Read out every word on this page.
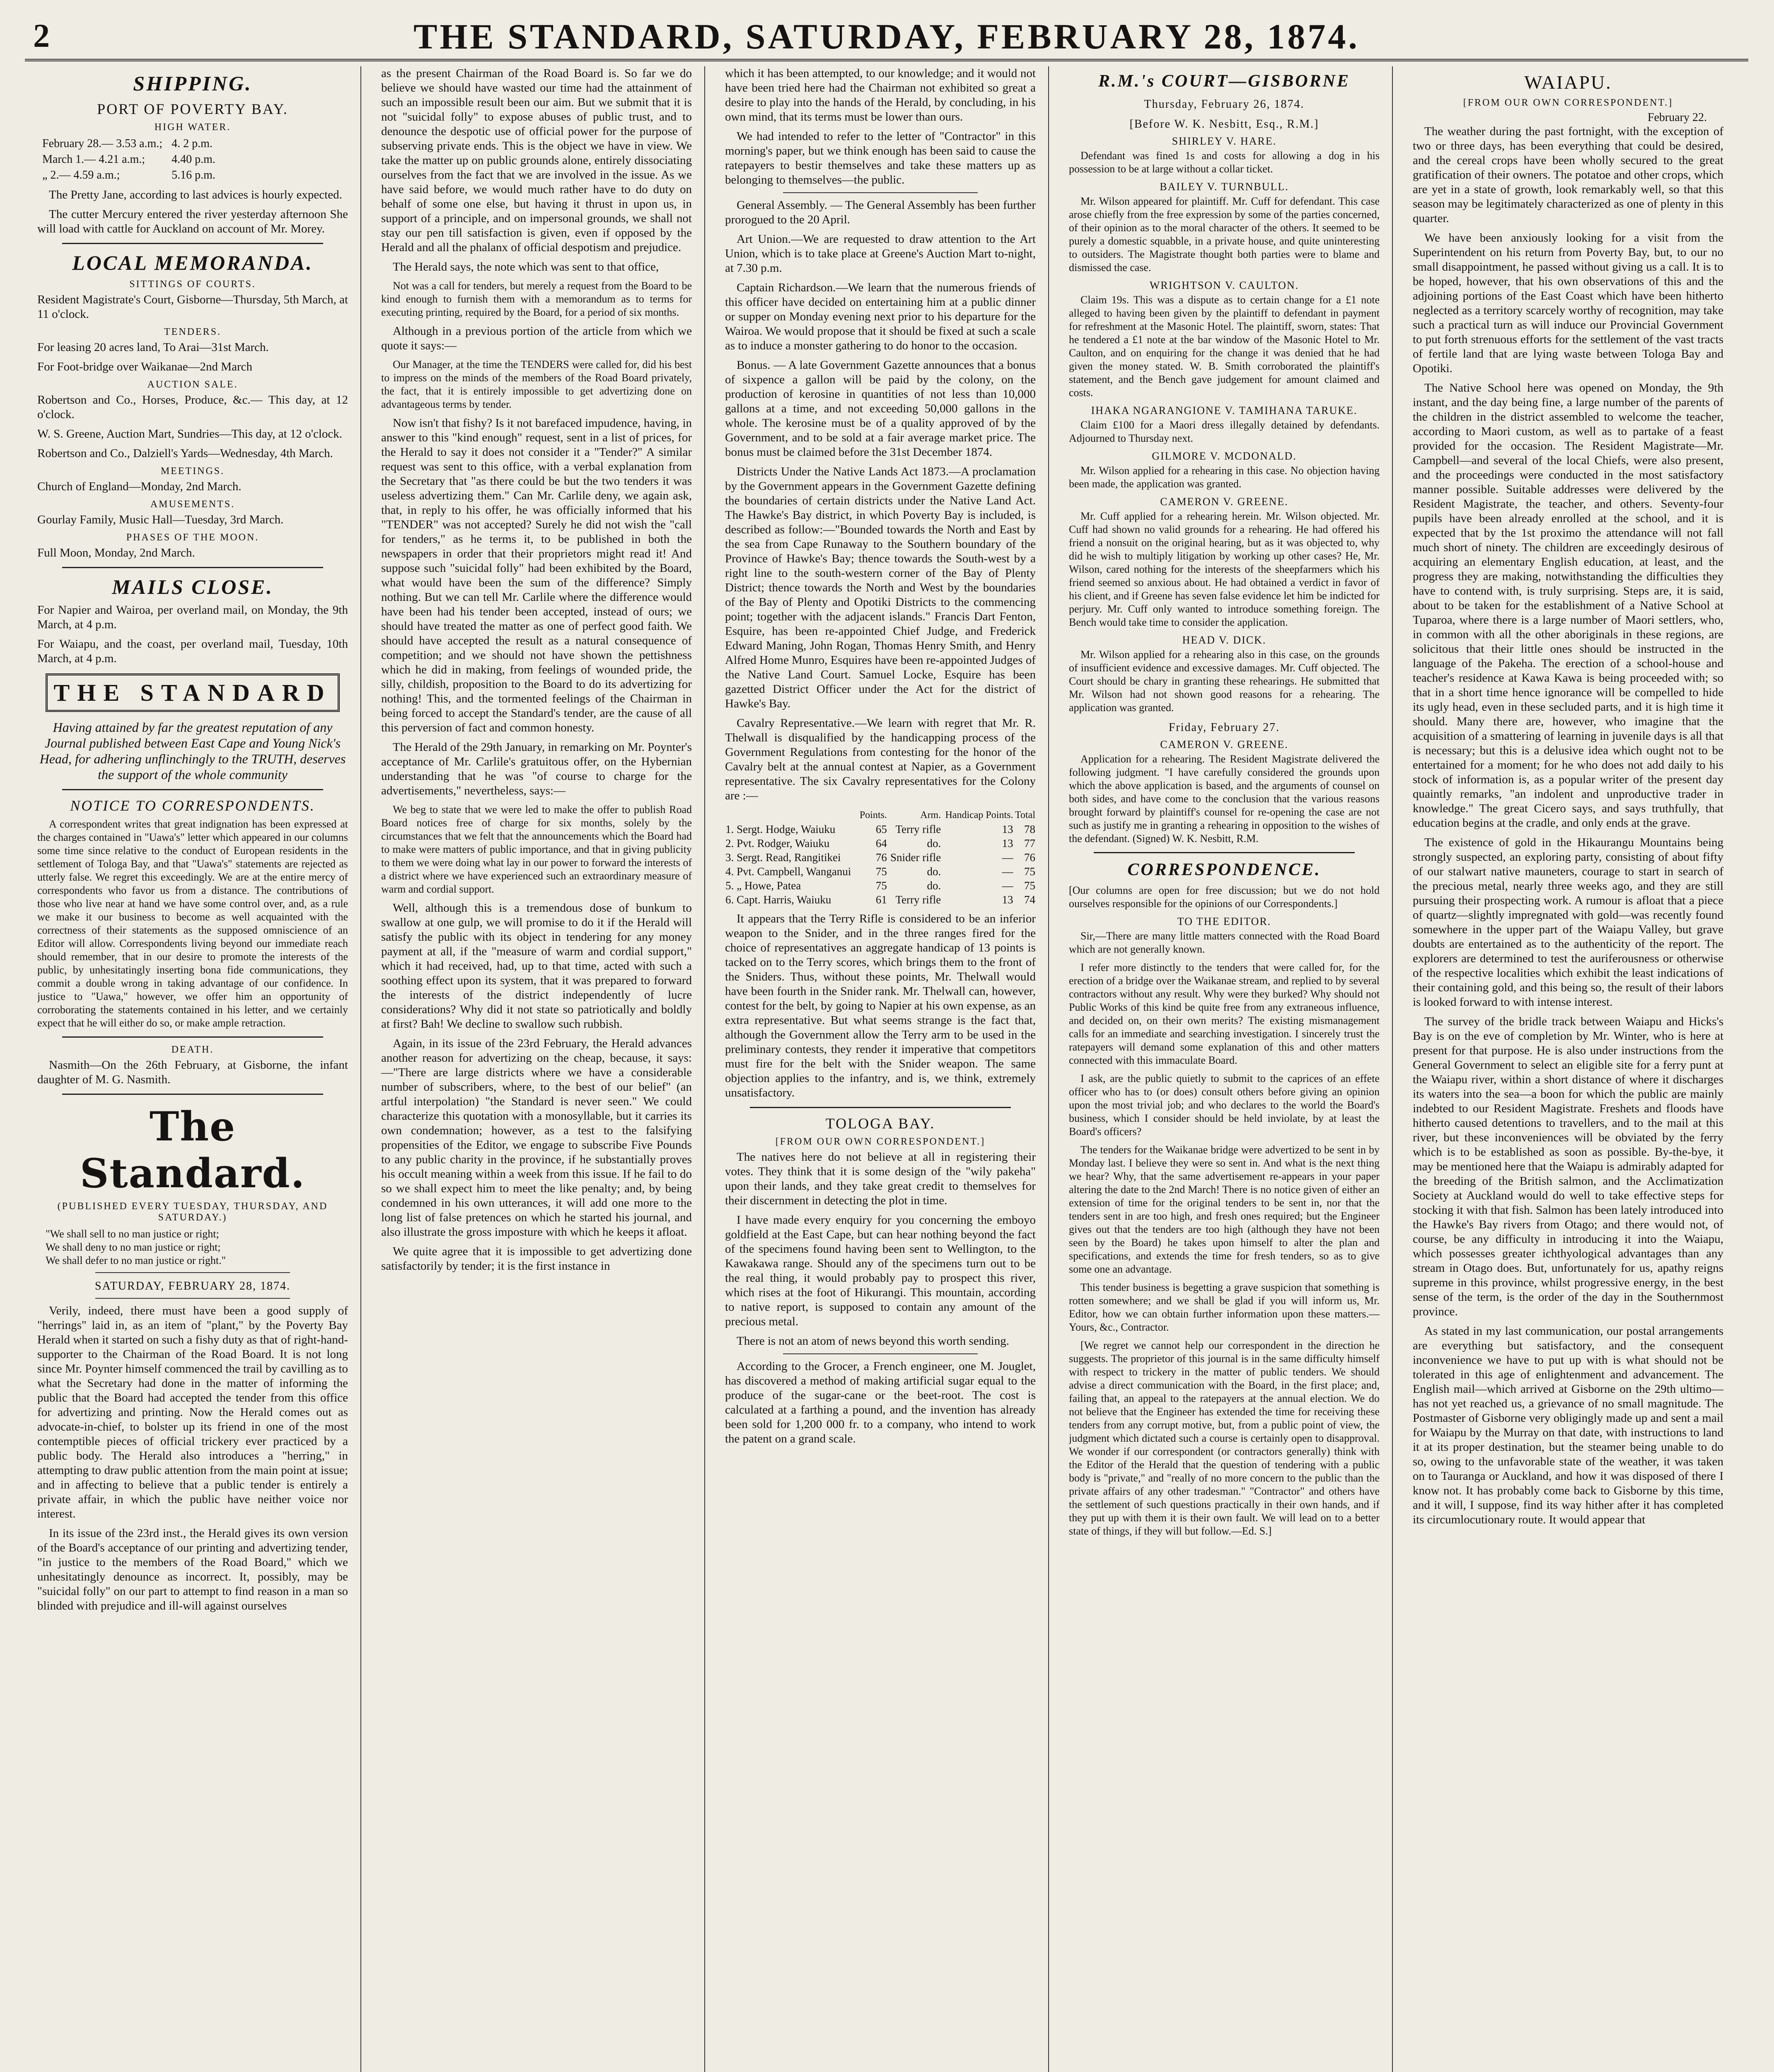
2	THE STANDARD, SATURDAY, FEBRUARY 28, 1874.
SHIPPING.
PORT OF POVERTY BAY.
HIGH WATER.
February 28.— 3.53 a.m.;	4. 2 p.m.
March 1.— 4.21 a.m.;	4.40 p.m.
„ 2.— 4.59 a.m.;	5.16 p.m.

The Pretty Jane, according to last advices is hourly expected.

The cutter Mercury entered the river yesterday afternoon She will load with cattle for Auckland on account of Mr. Morey.

LOCAL MEMORANDA.
SITTINGS OF COURTS.

Resident Magistrate's Court, Gisborne—Thursday, 5th March, at 11 o'clock.

TENDERS.

For leasing 20 acres land, To Arai—31st March.

For Foot-bridge over Waikanae—2nd March

AUCTION SALE.

Robertson and Co., Horses, Produce, &c.— This day, at 12 o'clock.

W. S. Greene, Auction Mart, Sundries—This day, at 12 o'clock.

Robertson and Co., Dalziell's Yards—Wednesday, 4th March.

MEETINGS.

Church of England—Monday, 2nd March.

AMUSEMENTS.

Gourlay Family, Music Hall—Tuesday, 3rd March.

PHASES OF THE MOON.

Full Moon, Monday, 2nd March.

MAILS CLOSE.

For Napier and Wairoa, per overland mail, on Monday, the 9th March, at 4 p.m.

For Waiapu, and the coast, per overland mail, Tuesday, 10th March, at 4 p.m.

THE STANDARD

Having attained by far the greatest reputation of any Journal published between East Cape and Young Nick's Head, for adhering unflinchingly to the TRUTH, deserves the support of the whole community

NOTICE TO CORRESPONDENTS.

A correspondent writes that great indignation has been expressed at the charges contained in "Uawa's" letter which appeared in our columns some time since relative to the conduct of European residents in the settlement of Tologa Bay, and that "Uawa's" statements are rejected as utterly false. We regret this exceedingly. We are at the entire mercy of correspondents who favor us from a distance. The contributions of those who live near at hand we have some control over, and, as a rule we make it our business to become as well acquainted with the correctness of their statements as the supposed omniscience of an Editor will allow. Correspondents living beyond our immediate reach should remember, that in our desire to promote the interests of the public, by unhesitatingly inserting bona fide communications, they commit a double wrong in taking advantage of our confidence. In justice to "Uawa," however, we offer him an opportunity of corroborating the statements contained in his letter, and we certainly expect that he will either do so, or make ample retraction.

DEATH.

Nasmith—On the 26th February, at Gisborne, the infant daughter of M. G. Nasmith.

The Standard.
(PUBLISHED EVERY TUESDAY, THURSDAY, AND SATURDAY.)
"We shall sell to no man justice or right;
We shall deny to no man justice or right;
We shall defer to no man justice or right."
SATURDAY, FEBRUARY 28, 1874.

Verily, indeed, there must have been a good supply of "herrings" laid in, as an item of "plant," by the Poverty Bay Herald when it started on such a fishy duty as that of right-hand-supporter to the Chairman of the Road Board. It is not long since Mr. Poynter himself commenced the trail by cavilling as to what the Secretary had done in the matter of informing the public that the Board had accepted the tender from this office for advertizing and printing. Now the Herald comes out as advocate-in-chief, to bolster up its friend in one of the most contemptible pieces of official trickery ever practiced by a public body. The Herald also introduces a "herring," in attempting to draw public attention from the main point at issue; and in affecting to believe that a public tender is entirely a private affair, in which the public have neither voice nor interest.

In its issue of the 23rd inst., the Herald gives its own version of the Board's acceptance of our printing and advertizing tender, "in justice to the members of the Road Board," which we unhesitatingly denounce as incorrect. It, possibly, may be "suicidal folly" on our part to attempt to find reason in a man so blinded with prejudice and ill-will against ourselves

as the present Chairman of the Road Board is. So far we do believe we should have wasted our time had the attainment of such an impossible result been our aim. But we submit that it is not "suicidal folly" to expose abuses of public trust, and to denounce the despotic use of official power for the purpose of subserving private ends. This is the object we have in view. We take the matter up on public grounds alone, entirely dissociating ourselves from the fact that we are involved in the issue. As we have said before, we would much rather have to do duty on behalf of some one else, but having it thrust in upon us, in support of a principle, and on impersonal grounds, we shall not stay our pen till satisfaction is given, even if opposed by the Herald and all the phalanx of official despotism and prejudice.

The Herald says, the note which was sent to that office,

Not was a call for tenders, but merely a request from the Board to be kind enough to furnish them with a memorandum as to terms for executing printing, required by the Board, for a period of six months.

Although in a previous portion of the article from which we quote it says:—

Our Manager, at the time the TENDERS were called for, did his best to impress on the minds of the members of the Road Board privately, the fact, that it is entirely impossible to get advertizing done on advantageous terms by tender.

Now isn't that fishy? Is it not barefaced impudence, having, in answer to this "kind enough" request, sent in a list of prices, for the Herald to say it does not consider it a "Tender?" A similar request was sent to this office, with a verbal explanation from the Secretary that "as there could be but the two tenders it was useless advertizing them." Can Mr. Carlile deny, we again ask, that, in reply to his offer, he was officially informed that his "TENDER" was not accepted? Surely he did not wish the "call for tenders," as he terms it, to be published in both the newspapers in order that their proprietors might read it! And suppose such "suicidal folly" had been exhibited by the Board, what would have been the sum of the difference? Simply nothing. But we can tell Mr. Carlile where the difference would have been had his tender been accepted, instead of ours; we should have treated the matter as one of perfect good faith. We should have accepted the result as a natural consequence of competition; and we should not have shown the pettishness which he did in making, from feelings of wounded pride, the silly, childish, proposition to the Board to do its advertizing for nothing! This, and the tormented feelings of the Chairman in being forced to accept the Standard's tender, are the cause of all this perversion of fact and common honesty.

The Herald of the 29th January, in remarking on Mr. Poynter's acceptance of Mr. Carlile's gratuitous offer, on the Hybernian understanding that he was "of course to charge for the advertisements," nevertheless, says:—

We beg to state that we were led to make the offer to publish Road Board notices free of charge for six months, solely by the circumstances that we felt that the announcements which the Board had to make were matters of public importance, and that in giving publicity to them we were doing what lay in our power to forward the interests of a district where we have experienced such an extraordinary measure of warm and cordial support.

Well, although this is a tremendous dose of bunkum to swallow at one gulp, we will promise to do it if the Herald will satisfy the public with its object in tendering for any money payment at all, if the "measure of warm and cordial support," which it had received, had, up to that time, acted with such a soothing effect upon its system, that it was prepared to forward the interests of the district independently of lucre considerations? Why did it not state so patriotically and boldly at first? Bah! We decline to swallow such rubbish.

Again, in its issue of the 23rd February, the Herald advances another reason for advertizing on the cheap, because, it says:—"There are large districts where we have a considerable number of subscribers, where, to the best of our belief" (an artful interpolation) "the Standard is never seen." We could characterize this quotation with a monosyllable, but it carries its own condemnation; however, as a test to the falsifying propensities of the Editor, we engage to subscribe Five Pounds to any public charity in the province, if he substantially proves his occult meaning within a week from this issue. If he fail to do so we shall expect him to meet the like penalty; and, by being condemned in his own utterances, it will add one more to the long list of false pretences on which he started his journal, and also illustrate the gross imposture with which he keeps it afloat.

We quite agree that it is impossible to get advertizing done satisfactorily by tender; it is the first instance in

which it has been attempted, to our knowledge; and it would not have been tried here had the Chairman not exhibited so great a desire to play into the hands of the Herald, by concluding, in his own mind, that its terms must be lower than ours.

We had intended to refer to the letter of "Contractor" in this morning's paper, but we think enough has been said to cause the ratepayers to bestir themselves and take these matters up as belonging to themselves—the public.

General Assembly. — The General Assembly has been further prorogued to the 20 April.

Art Union.—We are requested to draw attention to the Art Union, which is to take place at Greene's Auction Mart to-night, at 7.30 p.m.

Captain Richardson.—We learn that the numerous friends of this officer have decided on entertaining him at a public dinner or supper on Monday evening next prior to his departure for the Wairoa. We would propose that it should be fixed at such a scale as to induce a monster gathering to do honor to the occasion.

Bonus. — A late Government Gazette announces that a bonus of sixpence a gallon will be paid by the colony, on the production of kerosine in quantities of not less than 10,000 gallons at a time, and not exceeding 50,000 gallons in the whole. The kerosine must be of a quality approved of by the Government, and to be sold at a fair average market price. The bonus must be claimed before the 31st December 1874.

Districts Under the Native Lands Act 1873.—A proclamation by the Government appears in the Government Gazette defining the boundaries of certain districts under the Native Land Act. The Hawke's Bay district, in which Poverty Bay is included, is described as follow:—"Bounded towards the North and East by the sea from Cape Runaway to the Southern boundary of the Province of Hawke's Bay; thence towards the South-west by a right line to the south-western corner of the Bay of Plenty District; thence towards the North and West by the boundaries of the Bay of Plenty and Opotiki Districts to the commencing point; together with the adjacent islands." Francis Dart Fenton, Esquire, has been re-appointed Chief Judge, and Frederick Edward Maning, John Rogan, Thomas Henry Smith, and Henry Alfred Home Munro, Esquires have been re-appointed Judges of the Native Land Court. Samuel Locke, Esquire has been gazetted District Officer under the Act for the district of Hawke's Bay.

Cavalry Representative.—We learn with regret that Mr. R. Thelwall is disqualified by the handicapping process of the Government Regulations from contesting for the honor of the Cavalry belt at the annual contest at Napier, as a Government representative. The six Cavalry representatives for the Colony are :—

	Points.	Arm.	Handicap Points.	Total
1. Sergt. Hodge, Waiuku	65	Terry rifle	13	78
2. Pvt. Rodger, Waiuku	64	do.	13	77
3. Sergt. Read, Rangitikei	76	Snider rifle	—	76
4. Pvt. Campbell, Wanganui	75	do.	—	75
5. „ Howe, Patea	75	do.	—	75
6. Capt. Harris, Waiuku	61	Terry rifle	13	74

It appears that the Terry Rifle is considered to be an inferior weapon to the Snider, and in the three ranges fired for the choice of representatives an aggregate handicap of 13 points is tacked on to the Terry scores, which brings them to the front of the Sniders. Thus, without these points, Mr. Thelwall would have been fourth in the Snider rank. Mr. Thelwall can, however, contest for the belt, by going to Napier at his own expense, as an extra representative. But what seems strange is the fact that, although the Government allow the Terry arm to be used in the preliminary contests, they render it imperative that competitors must fire for the belt with the Snider weapon. The same objection applies to the infantry, and is, we think, extremely unsatisfactory.

TOLOGA BAY.
[FROM OUR OWN CORRESPONDENT.]

The natives here do not believe at all in registering their votes. They think that it is some design of the "wily pakeha" upon their lands, and they take great credit to themselves for their discernment in detecting the plot in time.

I have made every enquiry for you concerning the emboyo goldfield at the East Cape, but can hear nothing beyond the fact of the specimens found having been sent to Wellington, to the Kawakawa range. Should any of the specimens turn out to be the real thing, it would probably pay to prospect this river, which rises at the foot of Hikurangi. This mountain, according to native report, is supposed to contain any amount of the precious metal.

There is not an atom of news beyond this worth sending.

According to the Grocer, a French engineer, one M. Jouglet, has discovered a method of making artificial sugar equal to the produce of the sugar-cane or the beet-root. The cost is calculated at a farthing a pound, and the invention has already been sold for 1,200 000 fr. to a company, who intend to work the patent on a grand scale.

R.M.'s COURT—GISBORNE
Thursday, February 26, 1874.
[Before W. K. Nesbitt, Esq., R.M.]
SHIRLEY V. HARE.

Defendant was fined 1s and costs for allowing a dog in his possession to be at large without a collar ticket.

BAILEY V. TURNBULL.

Mr. Wilson appeared for plaintiff. Mr. Cuff for defendant. This case arose chiefly from the free expression by some of the parties concerned, of their opinion as to the moral character of the others. It seemed to be purely a domestic squabble, in a private house, and quite uninteresting to outsiders. The Magistrate thought both parties were to blame and dismissed the case.

WRIGHTSON V. CAULTON.

Claim 19s. This was a dispute as to certain change for a £1 note alleged to having been given by the plaintiff to defendant in payment for refreshment at the Masonic Hotel. The plaintiff, sworn, states: That he tendered a £1 note at the bar window of the Masonic Hotel to Mr. Caulton, and on enquiring for the change it was denied that he had given the money stated. W. B. Smith corroborated the plaintiff's statement, and the Bench gave judgement for amount claimed and costs.

IHAKA NGARANGIONE V. TAMIHANA TARUKE.

Claim £100 for a Maori dress illegally detained by defendants. Adjourned to Thursday next.

GILMORE V. MCDONALD.

Mr. Wilson applied for a rehearing in this case. No objection having been made, the application was granted.

CAMERON V. GREENE.

Mr. Cuff applied for a rehearing herein. Mr. Wilson objected. Mr. Cuff had shown no valid grounds for a rehearing. He had offered his friend a nonsuit on the original hearing, but as it was objected to, why did he wish to multiply litigation by working up other cases? He, Mr. Wilson, cared nothing for the interests of the sheepfarmers which his friend seemed so anxious about. He had obtained a verdict in favor of his client, and if Greene has seven false evidence let him be indicted for perjury. Mr. Cuff only wanted to introduce something foreign. The Bench would take time to consider the application.

HEAD V. DICK.

Mr. Wilson applied for a rehearing also in this case, on the grounds of insufficient evidence and excessive damages. Mr. Cuff objected. The Court should be chary in granting these rehearings. He submitted that Mr. Wilson had not shown good reasons for a rehearing. The application was granted.

Friday, February 27.
CAMERON V. GREENE.

Application for a rehearing. The Resident Magistrate delivered the following judgment. "I have carefully considered the grounds upon which the above application is based, and the arguments of counsel on both sides, and have come to the conclusion that the various reasons brought forward by plaintiff's counsel for re-opening the case are not such as justify me in granting a rehearing in opposition to the wishes of the defendant. (Signed) W. K. Nesbitt, R.M.

CORRESPONDENCE.

[Our columns are open for free discussion; but we do not hold ourselves responsible for the opinions of our Correspondents.]

TO THE EDITOR.

Sir,—There are many little matters connected with the Road Board which are not generally known.

I refer more distinctly to the tenders that were called for, for the erection of a bridge over the Waikanae stream, and replied to by several contractors without any result. Why were they burked? Why should not Public Works of this kind be quite free from any extraneous influence, and decided on, on their own merits? The existing mismanagement calls for an immediate and searching investigation. I sincerely trust the ratepayers will demand some explanation of this and other matters connected with this immaculate Board.

I ask, are the public quietly to submit to the caprices of an effete officer who has to (or does) consult others before giving an opinion upon the most trivial job; and who declares to the world the Board's business, which I consider should be held inviolate, by at least the Board's officers?

The tenders for the Waikanae bridge were advertized to be sent in by Monday last. I believe they were so sent in. And what is the next thing we hear? Why, that the same advertisement re-appears in your paper altering the date to the 2nd March! There is no notice given of either an extension of time for the original tenders to be sent in, nor that the tenders sent in are too high, and fresh ones required; but the Engineer gives out that the tenders are too high (although they have not been seen by the Board) he takes upon himself to alter the plan and specifications, and extends the time for fresh tenders, so as to give some one an advantage.

This tender business is begetting a grave suspicion that something is rotten somewhere; and we shall be glad if you will inform us, Mr. Editor, how we can obtain further information upon these matters.—Yours, &c., Contractor.

[We regret we cannot help our correspondent in the direction he suggests. The proprietor of this journal is in the same difficulty himself with respect to trickery in the matter of public tenders. We should advise a direct communication with the Board, in the first place; and, failing that, an appeal to the ratepayers at the annual election. We do not believe that the Engineer has extended the time for receiving these tenders from any corrupt motive, but, from a public point of view, the judgment which dictated such a course is certainly open to disapproval. We wonder if our correspondent (or contractors generally) think with the Editor of the Herald that the question of tendering with a public body is "private," and "really of no more concern to the public than the private affairs of any other tradesman." "Contractor" and others have the settlement of such questions practically in their own hands, and if they put up with them it is their own fault. We will lead on to a better state of things, if they will but follow.—Ed. S.]

WAIAPU.
[FROM OUR OWN CORRESPONDENT.]
February 22.

The weather during the past fortnight, with the exception of two or three days, has been everything that could be desired, and the cereal crops have been wholly secured to the great gratification of their owners. The potatoe and other crops, which are yet in a state of growth, look remarkably well, so that this season may be legitimately characterized as one of plenty in this quarter.

We have been anxiously looking for a visit from the Superintendent on his return from Poverty Bay, but, to our no small disappointment, he passed without giving us a call. It is to be hoped, however, that his own observations of this and the adjoining portions of the East Coast which have been hitherto neglected as a territory scarcely worthy of recognition, may take such a practical turn as will induce our Provincial Government to put forth strenuous efforts for the settlement of the vast tracts of fertile land that are lying waste between Tologa Bay and Opotiki.

The Native School here was opened on Monday, the 9th instant, and the day being fine, a large number of the parents of the children in the district assembled to welcome the teacher, according to Maori custom, as well as to partake of a feast provided for the occasion. The Resident Magistrate—Mr. Campbell—and several of the local Chiefs, were also present, and the proceedings were conducted in the most satisfactory manner possible. Suitable addresses were delivered by the Resident Magistrate, the teacher, and others. Seventy-four pupils have been already enrolled at the school, and it is expected that by the 1st proximo the attendance will not fall much short of ninety. The children are exceedingly desirous of acquiring an elementary English education, at least, and the progress they are making, notwithstanding the difficulties they have to contend with, is truly surprising. Steps are, it is said, about to be taken for the establishment of a Native School at Tuparoa, where there is a large number of Maori settlers, who, in common with all the other aboriginals in these regions, are solicitous that their little ones should be instructed in the language of the Pakeha. The erection of a school-house and teacher's residence at Kawa Kawa is being proceeded with; so that in a short time hence ignorance will be compelled to hide its ugly head, even in these secluded parts, and it is high time it should. Many there are, however, who imagine that the acquisition of a smattering of learning in juvenile days is all that is necessary; but this is a delusive idea which ought not to be entertained for a moment; for he who does not add daily to his stock of information is, as a popular writer of the present day quaintly remarks, "an indolent and unproductive trader in knowledge." The great Cicero says, and says truthfully, that education begins at the cradle, and only ends at the grave.

The existence of gold in the Hikaurangu Mountains being strongly suspected, an exploring party, consisting of about fifty of our stalwart native mauneters, courage to start in search of the precious metal, nearly three weeks ago, and they are still pursuing their prospecting work. A rumour is afloat that a piece of quartz—slightly impregnated with gold—was recently found somewhere in the upper part of the Waiapu Valley, but grave doubts are entertained as to the authenticity of the report. The explorers are determined to test the auriferousness or otherwise of the respective localities which exhibit the least indications of their containing gold, and this being so, the result of their labors is looked forward to with intense interest.

The survey of the bridle track between Waiapu and Hicks's Bay is on the eve of completion by Mr. Winter, who is here at present for that purpose. He is also under instructions from the General Government to select an eligible site for a ferry punt at the Waiapu river, within a short distance of where it discharges its waters into the sea—a boon for which the public are mainly indebted to our Resident Magistrate. Freshets and floods have hitherto caused detentions to travellers, and to the mail at this river, but these inconveniences will be obviated by the ferry which is to be established as soon as possible. By-the-bye, it may be mentioned here that the Waiapu is admirably adapted for the breeding of the British salmon, and the Acclimatization Society at Auckland would do well to take effective steps for stocking it with that fish. Salmon has been lately introduced into the Hawke's Bay rivers from Otago; and there would not, of course, be any difficulty in introducing it into the Waiapu, which possesses greater ichthyological advantages than any stream in Otago does. But, unfortunately for us, apathy reigns supreme in this province, whilst progressive energy, in the best sense of the term, is the order of the day in the Southernmost province.

As stated in my last communication, our postal arrangements are everything but satisfactory, and the consequent inconvenience we have to put up with is what should not be tolerated in this age of enlightenment and advancement. The English mail—which arrived at Gisborne on the 29th ultimo—has not yet reached us, a grievance of no small magnitude. The Postmaster of Gisborne very obligingly made up and sent a mail for Waiapu by the Murray on that date, with instructions to land it at its proper destination, but the steamer being unable to do so, owing to the unfavorable state of the weather, it was taken on to Tauranga or Auckland, and how it was disposed of there I know not. It has probably come back to Gisborne by this time, and it will, I suppose, find its way hither after it has completed its circumlocutionary route. It would appear that
